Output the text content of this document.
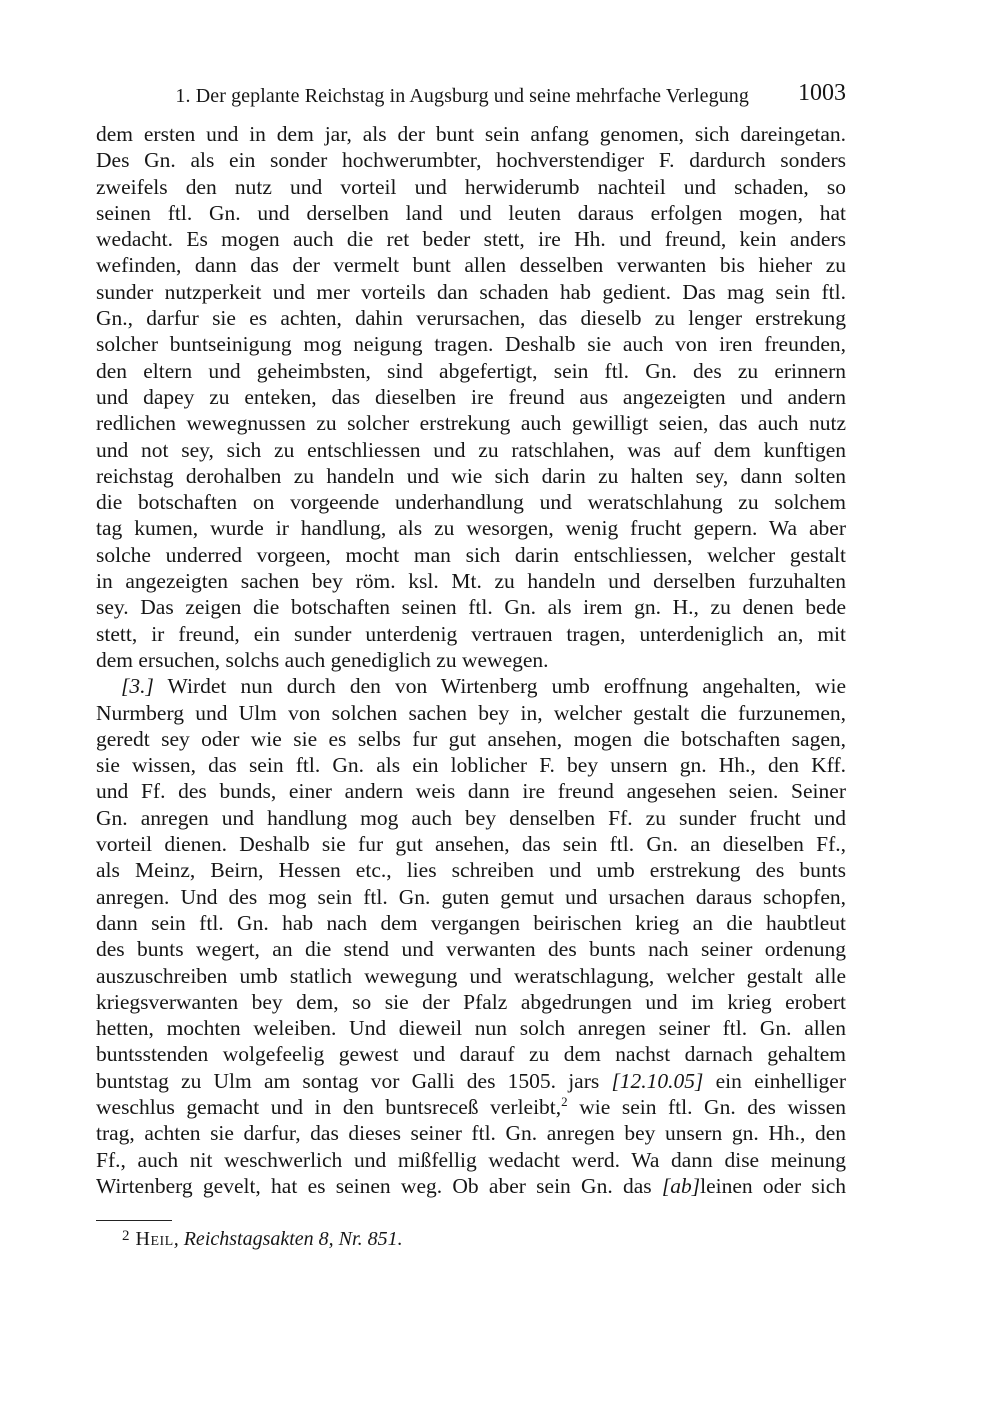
1. Der geplante Reichstag in Augsburg und seine mehrfache Verlegung 1003
dem ersten und in dem jar, als der bunt sein anfang genomen, sich dareingetan.
Des Gn. als ein sonder hochwerumbter, hochverstendiger F. dardurch sonders
zweifels den nutz und vorteil und herwiderumb nachteil und schaden, so
seinen ftl. Gn. und derselben land und leuten daraus erfolgen mogen, hat
wedacht. Es mogen auch die ret beder stett, ire Hh. und freund, kein anders
wefinden, dann das der vermelt bunt allen desselben verwanten bis hieher zu
sunder nutzperkeit und mer vorteils dan schaden hab gedient. Das mag sein ftl.
Gn., darfur sie es achten, dahin verursachen, das dieselb zu lenger erstrekung
solcher buntseinigung mog neigung tragen. Deshalb sie auch von iren freunden,
den eltern und geheimbsten, sind abgefertigt, sein ftl. Gn. des zu erinnern
und dapey zu enteken, das dieselben ire freund aus angezeigten und andern
redlichen wewegnussen zu solcher erstrekung auch gewilligt seien, das auch nutz
und not sey, sich zu entschliessen und zu ratschlahen, was auf dem kunftigen
reichstag derohalben zu handeln und wie sich darin zu halten sey, dann solten
die botschaften on vorgeende underhandlung und weratschlahung zu solchem
tag kumen, wurde ir handlung, als zu wesorgen, wenig frucht gepern. Wa aber
solche underred vorgeen, mocht man sich darin entschliessen, welcher gestalt
in angezeigten sachen bey röm. ksl. Mt. zu handeln und derselben furzuhalten
sey. Das zeigen die botschaften seinen ftl. Gn. als irem gn. H., zu denen bede
stett, ir freund, ein sunder unterdenig vertrauen tragen, unterdeniglich an, mit
dem ersuchen, solchs auch genediglich zu wewegen.
[3.] Wirdet nun durch den von Wirtenberg umb eroffnung angehalten, wie
Nurmberg und Ulm von solchen sachen bey in, welcher gestalt die furzunemen,
geredt sey oder wie sie es selbs fur gut ansehen, mogen die botschaften sagen,
sie wissen, das sein ftl. Gn. als ein loblicher F. bey unsern gn. Hh., den Kff.
und Ff. des bunds, einer andern weis dann ire freund angesehen seien. Seiner
Gn. anregen und handlung mog auch bey denselben Ff. zu sunder frucht und
vorteil dienen. Deshalb sie fur gut ansehen, das sein ftl. Gn. an dieselben Ff.,
als Meinz, Beirn, Hessen etc., lies schreiben und umb erstrekung des bunts
anregen. Und des mog sein ftl. Gn. guten gemut und ursachen daraus schopfen,
dann sein ftl. Gn. hab nach dem vergangen beirischen krieg an die haubtleut
des bunts wegert, an die stend und verwanten des bunts nach seiner ordenung
auszuschreiben umb statlich wewegung und weratschlagung, welcher gestalt alle
kriegsverwanten bey dem, so sie der Pfalz abgedrungen und im krieg erobert
hetten, mochten weleiben. Und dieweil nun solch anregen seiner ftl. Gn. allen
buntsstenden wolgefeelig gewest und darauf zu dem nachst darnach gehaltem
buntstag zu Ulm am sontag vor Galli des 1505. jars [12.10.05] ein einhelliger
weschlus gemacht und in den buntsreceß verleibt,$^2$ wie sein ftl. Gn. des wissen
trag, achten sie darfur, das dieses seiner ftl. Gn. anregen bey unsern gn. Hh., den
Ff., auch nit weschwerlich und mißfellig wedacht werd. Wa dann dise meinung
Wirtenberg gevelt, hat es seinen weg. Ob aber sein Gn. das [ab]leinen oder sich
$^2$ Heil, Reichstagsakten 8, Nr. 851.
